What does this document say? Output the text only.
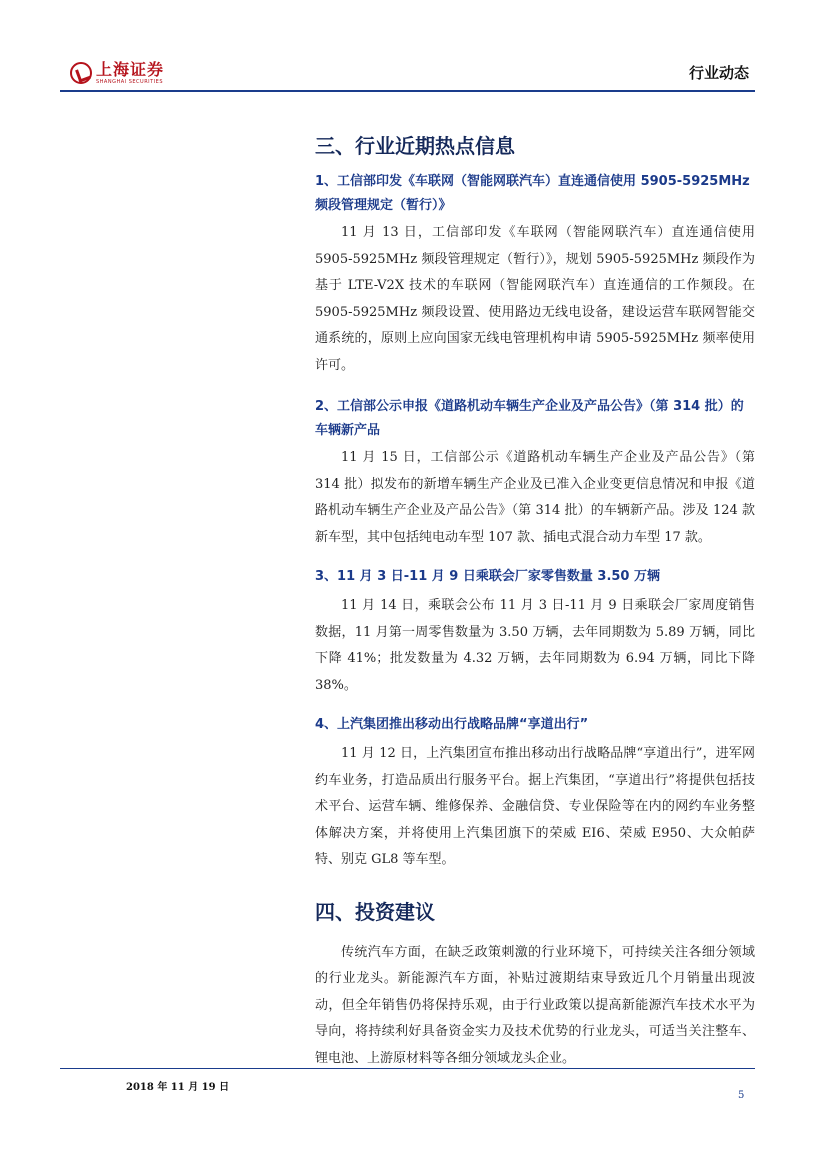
上海证券
SHANGHAI SECURITIES	行业动态
三、行业近期热点信息

1、工信部印发《车联网（智能网联汽车）直连通信使用 5905-5925MHz 频段管理规定（暂行）》

11 月 13 日，工信部印发《车联网（智能网联汽车）直连通信使用 5905-5925MHz 频段管理规定（暂行）》，规划 5905-5925MHz 频段作为基于 LTE-V2X 技术的车联网（智能网联汽车）直连通信的工作频段。在 5905-5925MHz 频段设置、使用路边无线电设备，建设运营车联网智能交通系统的，原则上应向国家无线电管理机构申请 5905-5925MHz 频率使用许可。

2、工信部公示申报《道路机动车辆生产企业及产品公告》（第 314 批）的车辆新产品

11 月 15 日，工信部公示《道路机动车辆生产企业及产品公告》（第 314 批）拟发布的新增车辆生产企业及已准入企业变更信息情况和申报《道路机动车辆生产企业及产品公告》（第 314 批）的车辆新产品。涉及 124 款新车型，其中包括纯电动车型 107 款、插电式混合动力车型 17 款。

3、11 月 3 日-11 月 9 日乘联会厂家零售数量 3.50 万辆

11 月 14 日，乘联会公布 11 月 3 日-11 月 9 日乘联会厂家周度销售数据，11 月第一周零售数量为 3.50 万辆，去年同期数为 5.89 万辆，同比下降 41%；批发数量为 4.32 万辆，去年同期数为 6.94 万辆，同比下降 38%。

4、上汽集团推出移动出行战略品牌“享道出行”

11 月 12 日，上汽集团宣布推出移动出行战略品牌“享道出行”，进军网约车业务，打造品质出行服务平台。据上汽集团，“享道出行”将提供包括技术平台、运营车辆、维修保养、金融信贷、专业保险等在内的网约车业务整体解决方案，并将使用上汽集团旗下的荣威 EI6、荣威 E950、大众帕萨特、别克 GL8 等车型。

四、投资建议

传统汽车方面，在缺乏政策刺激的行业环境下，可持续关注各细分领域的行业龙头。新能源汽车方面，补贴过渡期结束导致近几个月销量出现波动，但全年销售仍将保持乐观，由于行业政策以提高新能源汽车技术水平为导向，将持续利好具备资金实力及技术优势的行业龙头，可适当关注整车、锂电池、上游原材料等各细分领域龙头企业。

2018 年 11 月 19 日
5
